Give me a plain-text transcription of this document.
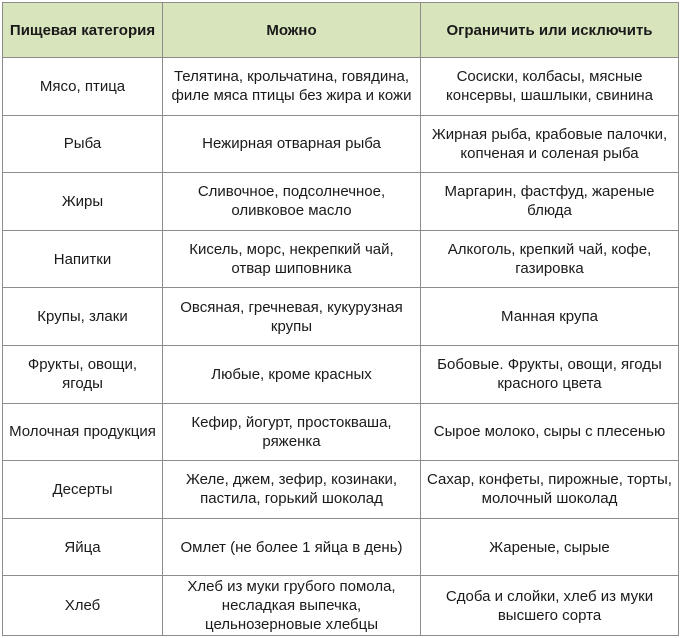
Пищевая категория	Можно	Ограничить или исключить
Мясо, птица	Телятина, крольчатина, говядина, филе мяса птицы без жира и кожи	Сосиски, колбасы, мясные консервы, шашлыки, свинина
Рыба	Нежирная отварная рыба	Жирная рыба, крабовые палочки, копченая и соленая рыба
Жиры	Сливочное, подсолнечное, оливковое масло	Маргарин, фастфуд, жареные блюда
Напитки	Кисель, морс, некрепкий чай, отвар шиповника	Алкоголь, крепкий чай, кофе, газировка
Крупы, злаки	Овсяная, гречневая, кукурузная крупы	Манная крупа
Фрукты, овощи, ягоды	Любые, кроме красных	Бобовые. Фрукты, овощи, ягоды красного цвета
Молочная продукция	Кефир, йогурт, простокваша, ряженка	Сырое молоко, сыры с плесенью
Десерты	Желе, джем, зефир, козинаки, пастила, горький шоколад	Сахар, конфеты, пирожные, торты, молочный шоколад
Яйца	Омлет (не более 1 яйца в день)	Жареные, сырые
Хлеб	Хлеб из муки грубого помола, несладкая выпечка, цельнозерновые хлебцы	Сдоба и слойки, хлеб из муки высшего сорта
